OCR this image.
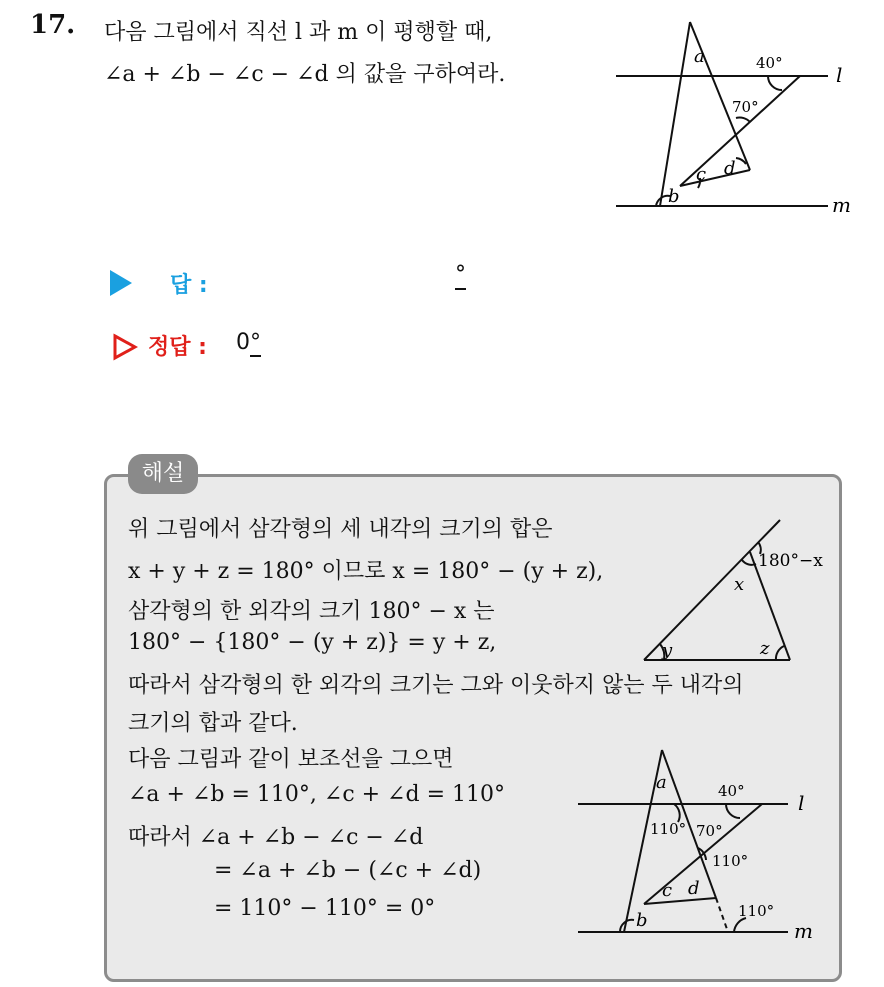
17. 다음 그림에서 직선 l 과 m 이 평행할 때,
∠a + ∠b − ∠c − ∠d 의 값을 구하여라.
a
b
c d
l
m
40°
70°
답 :	°
정답 : 0°
해설
위 그림에서 삼각형의 세 내각의 크기의 합은
x + y + z = 180° 이므로 x = 180° − (y + z),
삼각형의 한 외각의 크기 180° − x 는
180° − {180° − (y + z)} = y + z,
따라서 삼각형의 한 외각의 크기는 그와 이웃하지 않는 두 내각의
크기의 합과 같다.
다음 그림과 같이 보조선을 그으면
∠a + ∠b = 110°, ∠c + ∠d = 110°
따라서 ∠a + ∠b − ∠c − ∠d
= ∠a + ∠b − (∠c + ∠d)
= 110° − 110° = 0°
180°−x
x
y	z
a
b
c d
l
m
40°
110° 70°
110°
110°
